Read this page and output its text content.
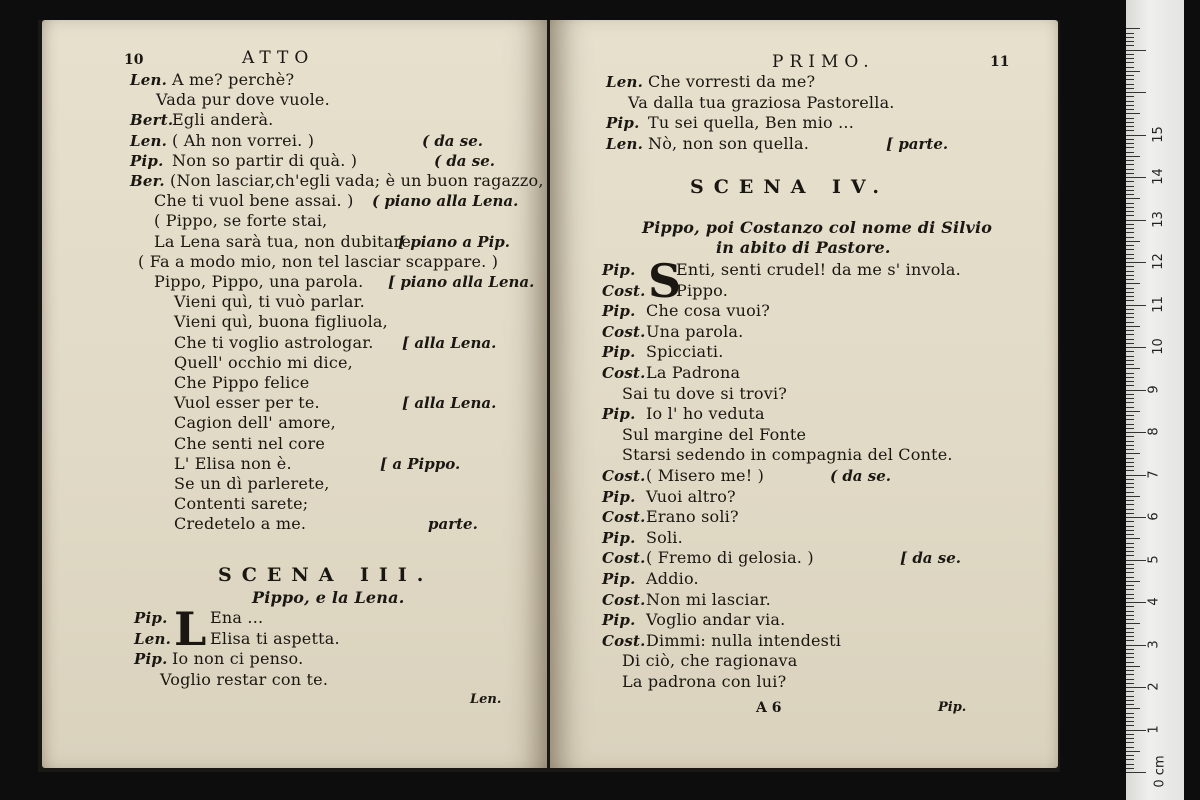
10	ATTO
Len. A me? perchè?
Vada pur dove vuole.
Bert.
Egli anderà.
Len. ( Ah non vorrei. )	( da se.
Pip. Non so partir di quà. )	( da se.
Ber. (Non lasciar,ch'egli vada; è un buon ragazzo,
Che ti vuol bene assai. ) ( piano alla Lena.
( Pippo, se forte stai,
La Lena sarà tua, non dubitare.
[ piano a Pip.
( Fa a modo mio, non tel lasciar scappare. )
Pippo, Pippo, una parola. [ piano alla Lena.
Vieni quì, ti vuò parlar.
Vieni quì, buona figliuola,
Che ti voglio astrologar. [ alla Lena.
Quell' occhio mi dice,
Che Pippo felice
Vuol esser per te.	[ alla Lena.
Cagion dell' amore,
Che senti nel core
L' Elisa non è.	[ a Pippo.
Se un dì parlerete,
Contenti sarete;
Credetelo a me.	parte.
SCENA III.
Pippo, e la Lena.
L
Pip.	Ena ...
Len. Elisa ti aspetta.
Pip. Io non ci penso.
Voglio restar con te.
Len.
PRIMO.	11
Len. Che vorresti da me?
Va dalla tua graziosa Pastorella.
Pip. Tu sei quella, Ben mio ...
Len. Nò, non son quella.	[ parte.
SCENA IV.
Pippo, poi Costanzo col nome di Silvio
in abito di Pastore.
S
Pip.	Enti, senti crudel! da me s' invola.
Cost. Pippo.
Pip. Che cosa vuoi?
Cost. Una parola.
Pip. Spicciati.
Cost. La Padrona
Sai tu dove si trovi?
Pip. Io l' ho veduta
Sul margine del Fonte
Starsi sedendo in compagnia del Conte.
Cost. ( Misero me! )	( da se.
Pip. Vuoi altro?
Cost. Erano soli?
Pip. Soli.
Cost. ( Fremo di gelosia. )	[ da se.
Pip. Addio.
Cost. Non mi lasciar.
Pip. Voglio andar via.
Cost. Dimmi: nulla intendesti
Di ciò, che ragionava
La padrona con lui?
A 6	Pip.
1
2
3
4
5
6
7
8
9
10
11
12
13
14
15
0 cm
